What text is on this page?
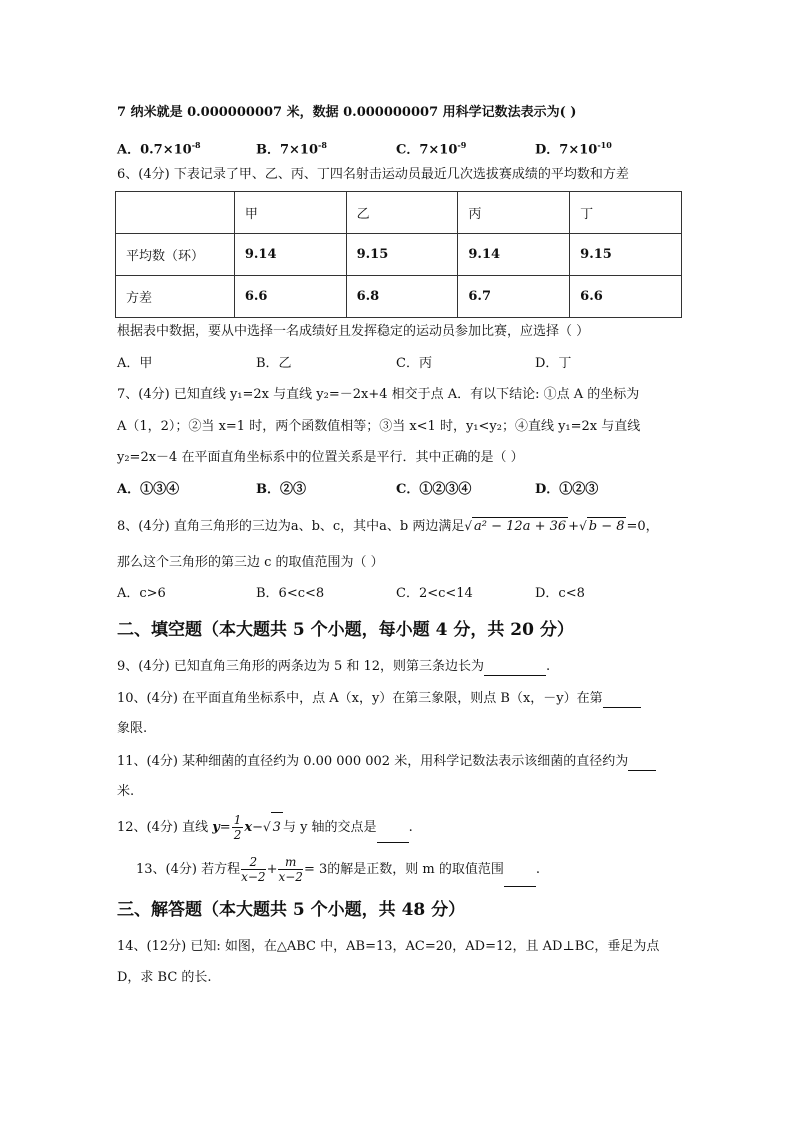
7 纳米就是 0.000000007 米，数据 0.000000007 用科学记数法表示为( )
A．$0.7\times 10^{-8}$	B．$7\times 10^{-8}$	C．$7\times 10^{-9}$	D．$7\times 10^{-10}$
6、(4分) 下表记录了甲、乙、丙、丁四名射击运动员最近几次选拔赛成绩的平均数和方差
	甲	乙	丙	丁
平均数（环）	9.14	9.15	9.14	9.15
方差	6.6	6.8	6.7	6.6
根据表中数据，要从中选择一名成绩好且发挥稳定的运动员参加比赛，应选择（ ）
A．甲	B．乙	C．丙	D．丁
7、(4分) 已知直线 y₁=2x 与直线 y₂=－2x+4 相交于点 A．有以下结论: ①点 A 的坐标为
A（1，2）；②当 x=1 时，两个函数值相等；③当 x<1 时，y₁<y₂；④直线 y₁=2x 与直线
y₂=2x－4 在平面直角坐标系中的位置关系是平行．其中正确的是（ ）
A．①③④	B．②③	C．①②③④	D．①②③
8、(4分) 直角三角形的三边为a、b、c，其中a、b 两边满足√ a² − 12a + 36 +√ b − 8 =0，
那么这个三角形的第三边 c 的取值范围为（ ）
A．c>6	B．6<c<8	C．2<c<14	D．c<8
二、填空题（本大题共 5 个小题，每小题 4 分，共 20 分）
9、(4分) 已知直角三角形的两条边为 5 和 12，则第三条边长为	.
10、(4分) 在平面直角坐标系中，点 A（x，y）在第三象限，则点 B（x，－y）在第
象限.
11、(4分) 某种细菌的直径约为 0.00 000 002 米，用科学记数法表示该细菌的直径约为
米.
12、(4分) 直线 $y= \frac{1}{2} x-√$ 3 与 y 轴的交点是 .
13、(4分) 若方程 $\frac{2}{x-2} + \frac{m}{x-2} = 3$的解是正数，则 m 的取值范围 .
三、解答题（本大题共 5 个小题，共 48 分）
14、(12分) 已知: 如图，在△ABC 中，AB=13，AC=20，AD=12，且 AD⊥BC，垂足为点
D，求 BC 的长.
